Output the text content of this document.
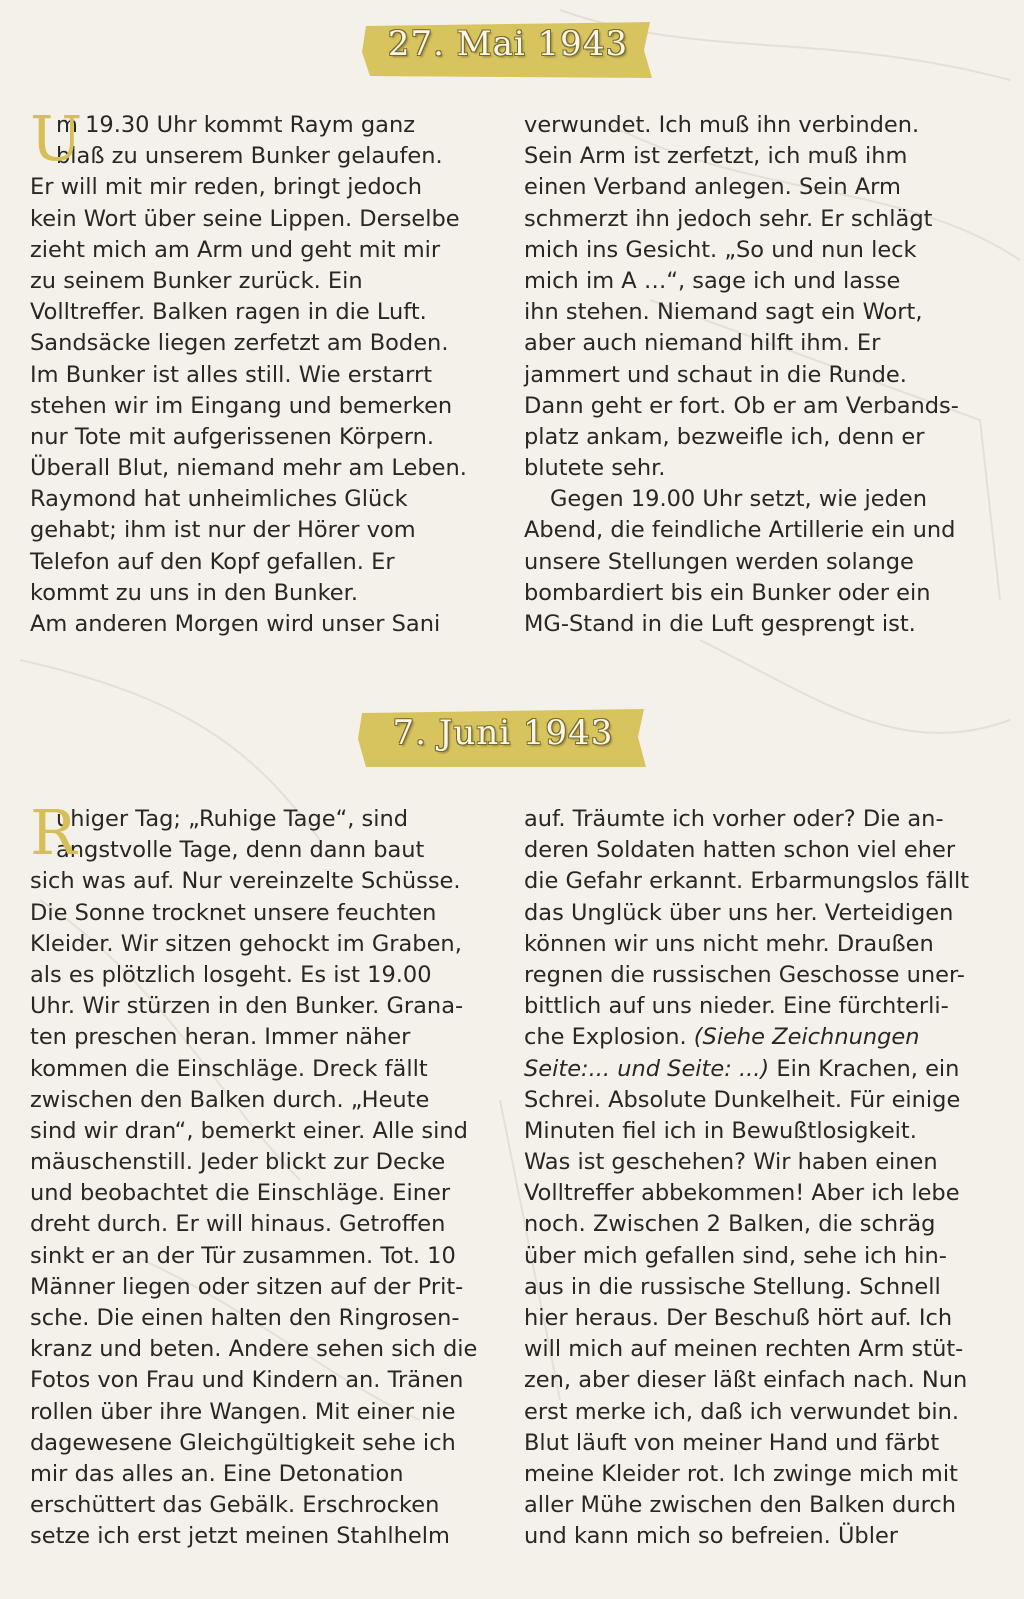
27. Mai 1943
U
m 19.30 Uhr kommt Raym ganz
blaß zu unserem Bunker gelaufen.
Er will mit mir reden, bringt jedoch
kein Wort über seine Lippen. Derselbe
zieht mich am Arm und geht mit mir
zu seinem Bunker zurück. Ein
Volltreffer. Balken ragen in die Luft.
Sandsäcke liegen zerfetzt am Boden.
Im Bunker ist alles still. Wie erstarrt
stehen wir im Eingang und bemerken
nur Tote mit aufgerissenen Körpern.
Überall Blut, niemand mehr am Leben.
Raymond hat unheimliches Glück
gehabt; ihm ist nur der Hörer vom
Telefon auf den Kopf gefallen. Er
kommt zu uns in den Bunker.
Am anderen Morgen wird unser Sani
verwundet. Ich muß ihn verbinden.
Sein Arm ist zerfetzt, ich muß ihm
einen Verband anlegen. Sein Arm
schmerzt ihn jedoch sehr. Er schlägt
mich ins Gesicht. „So und nun leck
mich im A …“, sage ich und lasse
ihn stehen. Niemand sagt ein Wort,
aber auch niemand hilft ihm. Er
jammert und schaut in die Runde.
Dann geht er fort. Ob er am Verbands-
platz ankam, bezweifle ich, denn er
blutete sehr.
Gegen 19.00 Uhr setzt, wie jeden
Abend, die feindliche Artillerie ein und
unsere Stellungen werden solange
bombardiert bis ein Bunker oder ein
MG-Stand in die Luft gesprengt ist.
7. Juni 1943
R
uhiger Tag; „Ruhige Tage“, sind
angstvolle Tage, denn dann baut
sich was auf. Nur vereinzelte Schüsse.
Die Sonne trocknet unsere feuchten
Kleider. Wir sitzen gehockt im Graben,
als es plötzlich losgeht. Es ist 19.00
Uhr. Wir stürzen in den Bunker. Grana-
ten preschen heran. Immer näher
kommen die Einschläge. Dreck fällt
zwischen den Balken durch. „Heute
sind wir dran“, bemerkt einer. Alle sind
mäuschenstill. Jeder blickt zur Decke
und beobachtet die Einschläge. Einer
dreht durch. Er will hinaus. Getroffen
sinkt er an der Tür zusammen. Tot. 10
Männer liegen oder sitzen auf der Prit-
sche. Die einen halten den Ringrosen-
kranz und beten. Andere sehen sich die
Fotos von Frau und Kindern an. Tränen
rollen über ihre Wangen. Mit einer nie
dagewesene Gleichgültigkeit sehe ich
mir das alles an. Eine Detonation
erschüttert das Gebälk. Erschrocken
setze ich erst jetzt meinen Stahlhelm
auf. Träumte ich vorher oder? Die an-
deren Soldaten hatten schon viel eher
die Gefahr erkannt. Erbarmungslos fällt
das Unglück über uns her. Verteidigen
können wir uns nicht mehr. Draußen
regnen die russischen Geschosse uner-
bittlich auf uns nieder. Eine fürchterli-
che Explosion. (Siehe Zeichnungen
Seite:... und Seite: ...) Ein Krachen, ein
Schrei. Absolute Dunkelheit. Für einige
Minuten fiel ich in Bewußtlosigkeit.
Was ist geschehen? Wir haben einen
Volltreffer abbekommen! Aber ich lebe
noch. Zwischen 2 Balken, die schräg
über mich gefallen sind, sehe ich hin-
aus in die russische Stellung. Schnell
hier heraus. Der Beschuß hört auf. Ich
will mich auf meinen rechten Arm stüt-
zen, aber dieser läßt einfach nach. Nun
erst merke ich, daß ich verwundet bin.
Blut läuft von meiner Hand und färbt
meine Kleider rot. Ich zwinge mich mit
aller Mühe zwischen den Balken durch
und kann mich so befreien. Übler
